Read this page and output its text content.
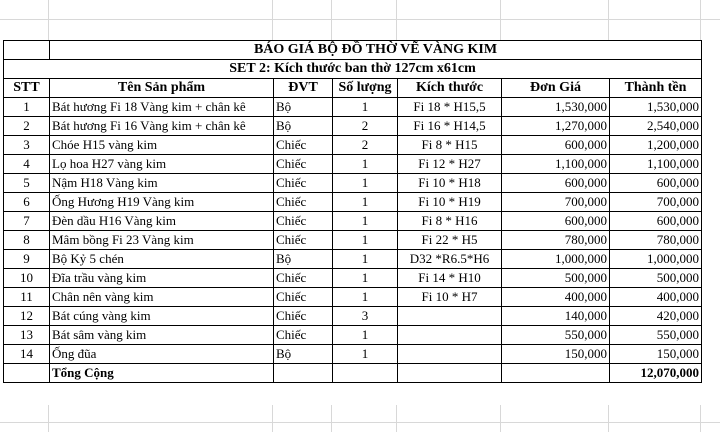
	BÁO GIÁ BỘ ĐỒ THỜ VẼ VÀNG KIM					
SET 2: Kích thước ban thờ 127cm x61cm						
STT	Tên Sản phẩm	ĐVT	Số lượng	Kích thước	Đơn Giá	Thành tền
1	Bát hương Fi 18 Vàng kim + chân kê	Bộ	1	Fi 18 * H15,5	1,530,000	1,530,000
2	Bát hương Fi 16 Vàng kim + chân kê	Bộ	2	Fi 16 * H14,5	1,270,000	2,540,000
3	Chóe H15 vàng kim	Chiếc	2	Fi 8 * H15	600,000	1,200,000
4	Lọ hoa H27 vàng kim	Chiếc	1	Fi 12 * H27	1,100,000	1,100,000
5	Nậm H18 Vàng kim	Chiếc	1	Fi 10 * H18	600,000	600,000
6	Ống Hương H19 Vàng kim	Chiếc	1	Fi 10 * H19	700,000	700,000
7	Đèn dầu H16 Vàng kim	Chiếc	1	Fi 8 * H16	600,000	600,000
8	Mâm bồng Fi 23 Vàng kim	Chiếc	1	Fi 22 * H5	780,000	780,000
9	Bộ Kỷ 5 chén	Bộ	1	D32 *R6.5*H6	1,000,000	1,000,000
10	Đĩa trầu vàng kim	Chiếc	1	Fi 14 * H10	500,000	500,000
11	Chân nên vàng kim	Chiếc	1	Fi 10 * H7	400,000	400,000
12	Bát cúng vàng kim	Chiếc	3		140,000	420,000
13	Bát sâm vàng kim	Chiếc	1		550,000	550,000
14	Ống đũa	Bộ	1		150,000	150,000
	Tổng Cộng					12,070,000
